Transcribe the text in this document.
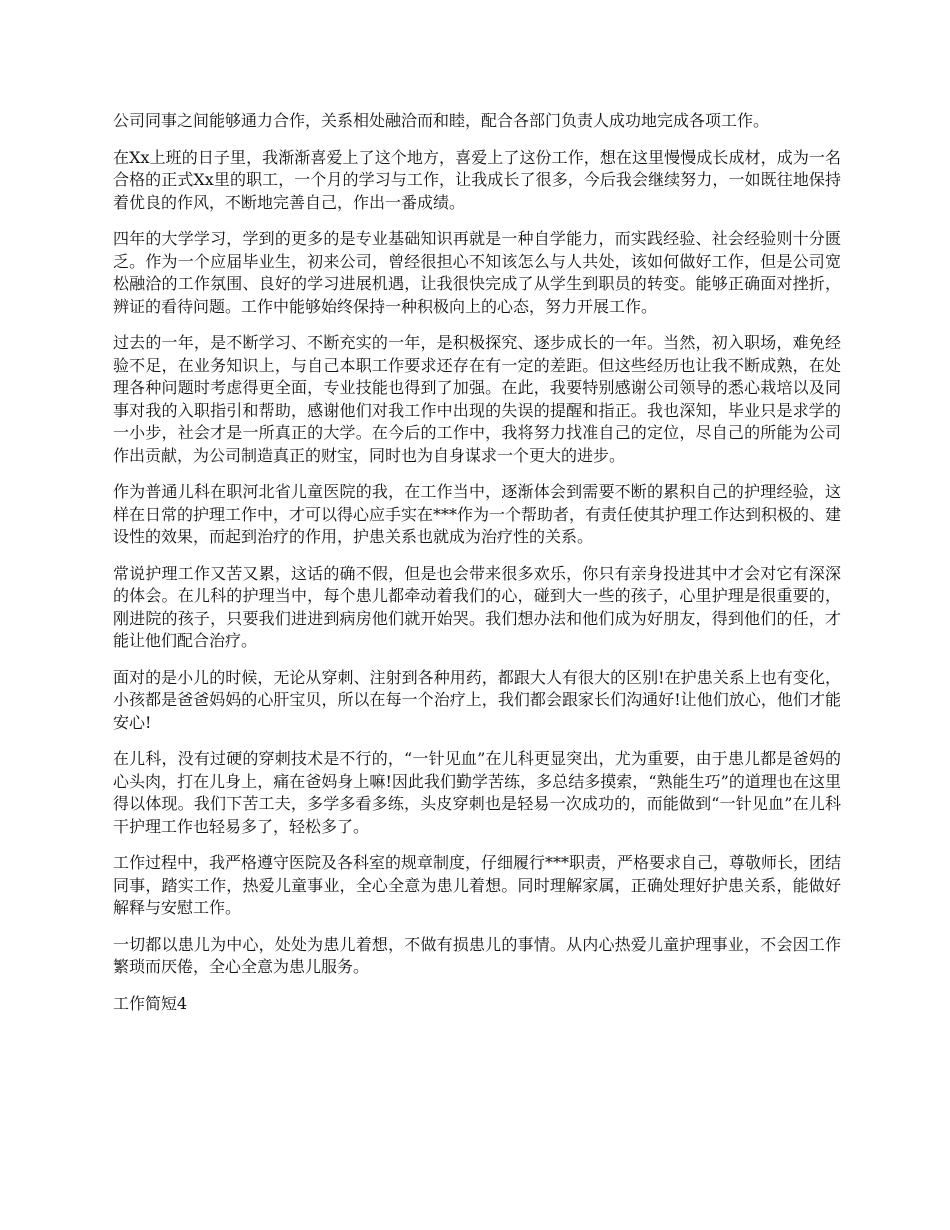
公司同事之间能够通力合作，关系相处融洽而和睦，配合各部门负责人成功地完成各项工作。

在Xx上班的日子里，我渐渐喜爱上了这个地方，喜爱上了这份工作，想在这里慢慢成长成材，成为一名合格的正式Xx里的职工，一个月的学习与工作，让我成长了很多，今后我会继续努力，一如既往地保持着优良的作风，不断地完善自己，作出一番成绩。

四年的大学学习，学到的更多的是专业基础知识再就是一种自学能力，而实践经验、社会经验则十分匮乏。作为一个应届毕业生，初来公司，曾经很担心不知该怎么与人共处，该如何做好工作，但是公司宽松融洽的工作氛围、良好的学习进展机遇，让我很快完成了从学生到职员的转变。能够正确面对挫折，辨证的看待问题。工作中能够始终保持一种积极向上的心态，努力开展工作。

过去的一年，是不断学习、不断充实的一年，是积极探究、逐步成长的一年。当然，初入职场，难免经验不足，在业务知识上，与自己本职工作要求还存在有一定的差距。但这些经历也让我不断成熟，在处理各种问题时考虑得更全面，专业技能也得到了加强。在此，我要特别感谢公司领导的悉心栽培以及同事对我的入职指引和帮助，感谢他们对我工作中出现的失误的提醒和指正。我也深知，毕业只是求学的一小步，社会才是一所真正的大学。在今后的工作中，我将努力找准自己的定位，尽自己的所能为公司作出贡献，为公司制造真正的财宝，同时也为自身谋求一个更大的进步。

作为普通儿科在职河北省儿童医院的我，在工作当中，逐渐体会到需要不断的累积自己的护理经验，这样在日常的护理工作中，才可以得心应手实在***作为一个帮助者，有责任使其护理工作达到积极的、建设性的效果，而起到治疗的作用，护患关系也就成为治疗性的关系。

常说护理工作又苦又累，这话的确不假，但是也会带来很多欢乐，你只有亲身投进其中才会对它有深深的体会。在儿科的护理当中，每个患儿都牵动着我们的心，碰到大一些的孩子，心里护理是很重要的，刚进院的孩子，只要我们进进到病房他们就开始哭。我们想办法和他们成为好朋友，得到他们的任，才能让他们配合治疗。

面对的是小儿的时候，无论从穿刺、注射到各种用药，都跟大人有很大的区别!在护患关系上也有变化，小孩都是爸爸妈妈的心肝宝贝，所以在每一个治疗上，我们都会跟家长们沟通好!让他们放心，他们才能安心!

在儿科，没有过硬的穿刺技术是不行的，“一针见血”在儿科更显突出，尤为重要，由于患儿都是爸妈的心头肉，打在儿身上，痛在爸妈身上嘛!因此我们勤学苦练，多总结多摸索，“熟能生巧”的道理也在这里得以体现。我们下苦工夫，多学多看多练，头皮穿刺也是轻易一次成功的，而能做到“一针见血”在儿科干护理工作也轻易多了，轻松多了。

工作过程中，我严格遵守医院及各科室的规章制度，仔细履行***职责，严格要求自己，尊敬师长，团结同事，踏实工作，热爱儿童事业，全心全意为患儿着想。同时理解家属，正确处理好护患关系，能做好解释与安慰工作。

一切都以患儿为中心，处处为患儿着想，不做有损患儿的事情。从内心热爱儿童护理事业，不会因工作繁琐而厌倦，全心全意为患儿服务。

工作简短4
